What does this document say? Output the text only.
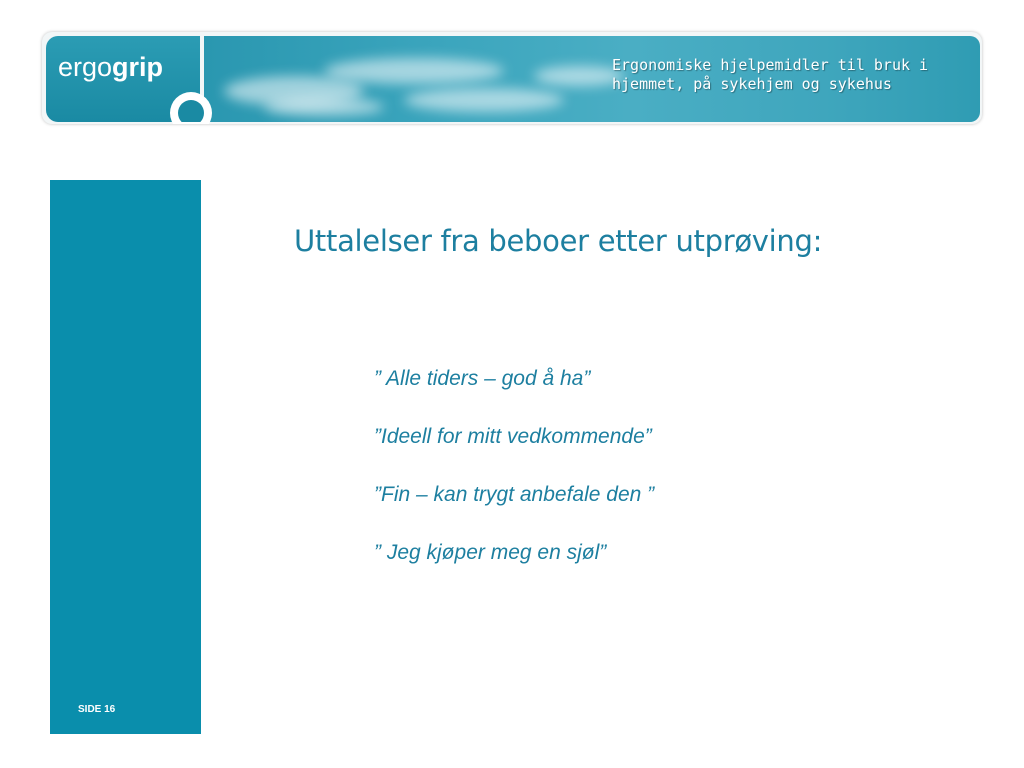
ergogrip	Ergonomiske hjelpemidler til bruk i
hjemmet, på sykehjem og sykehus
SIDE 16
Uttalelser fra beboer etter utprøving:
” Alle tiders – god å ha”
”Ideell for mitt vedkommende”
”Fin – kan trygt anbefale den ”
” Jeg kjøper meg en sjøl”
